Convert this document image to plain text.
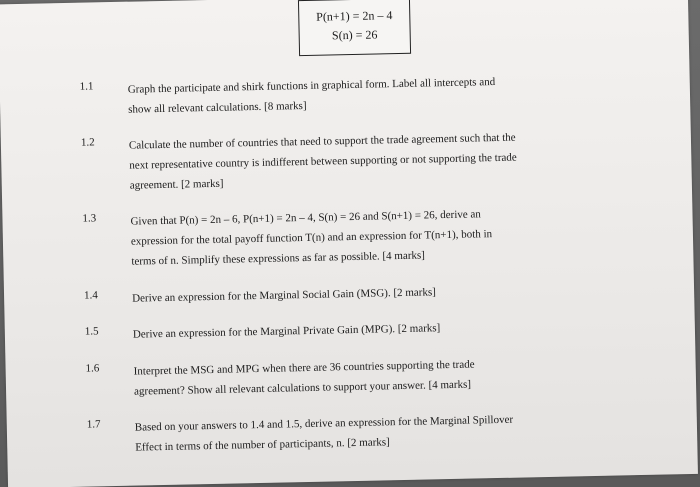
P(n+1) = 2n – 4
S(n) = 26
1.1	Graph the participate and shirk functions in graphical form. Label all intercepts and
show all relevant calculations. [8 marks]
1.2	Calculate the number of countries that need to support the trade agreement such that the
next representative country is indifferent between supporting or not supporting the trade
agreement. [2 marks]
1.3	Given that P(n) = 2n – 6, P(n+1) = 2n – 4, S(n) = 26 and S(n+1) = 26, derive an
expression for the total payoff function T(n) and an expression for T(n+1), both in
terms of n. Simplify these expressions as far as possible. [4 marks]
1.4	Derive an expression for the Marginal Social Gain (MSG). [2 marks]
1.5	Derive an expression for the Marginal Private Gain (MPG). [2 marks]
1.6	Interpret the MSG and MPG when there are 36 countries supporting the trade
agreement? Show all relevant calculations to support your answer. [4 marks]
1.7	Based on your answers to 1.4 and 1.5, derive an expression for the Marginal Spillover
Effect in terms of the number of participants, n. [2 marks]
